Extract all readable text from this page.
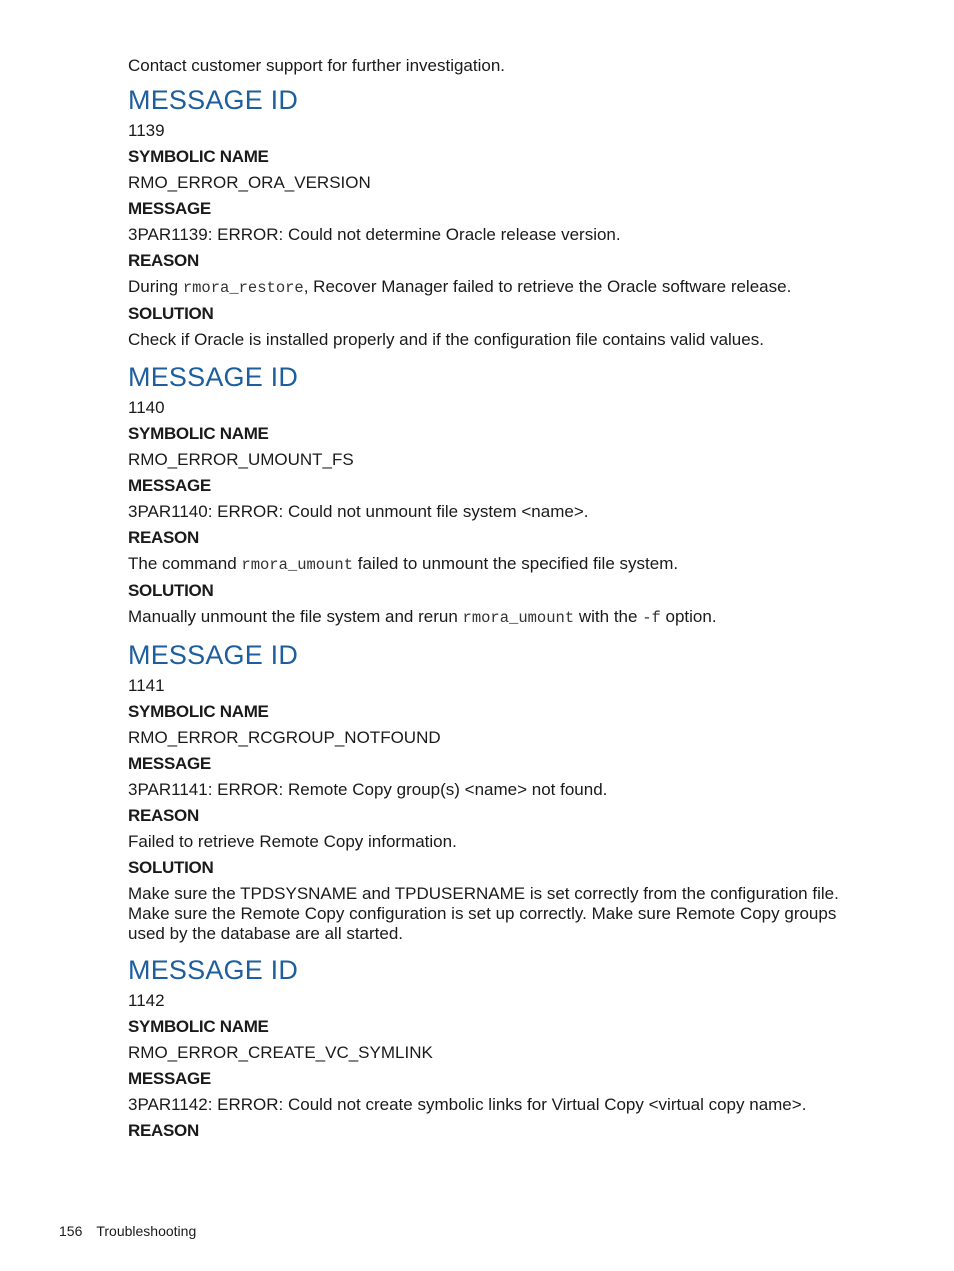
Contact customer support for further investigation.
MESSAGE ID
1139
SYMBOLIC NAME
RMO_ERROR_ORA_VERSION
MESSAGE
3PAR1139: ERROR: Could not determine Oracle release version.
REASON
During rmora_restore, Recover Manager failed to retrieve the Oracle software release.
SOLUTION
Check if Oracle is installed properly and if the configuration file contains valid values.
MESSAGE ID
1140
SYMBOLIC NAME
RMO_ERROR_UMOUNT_FS
MESSAGE
3PAR1140: ERROR: Could not unmount file system <name>.
REASON
The command rmora_umount failed to unmount the specified file system.
SOLUTION
Manually unmount the file system and rerun rmora_umount with the -f option.
MESSAGE ID
1141
SYMBOLIC NAME
RMO_ERROR_RCGROUP_NOTFOUND
MESSAGE
3PAR1141: ERROR: Remote Copy group(s) <name> not found.
REASON
Failed to retrieve Remote Copy information.
SOLUTION
Make sure the TPDSYSNAME and TPDUSERNAME is set correctly from the configuration file. Make sure the Remote Copy configuration is set up correctly. Make sure Remote Copy groups used by the database are all started.
MESSAGE ID
1142
SYMBOLIC NAME
RMO_ERROR_CREATE_VC_SYMLINK
MESSAGE
3PAR1142: ERROR: Could not create symbolic links for Virtual Copy <virtual copy name>.
REASON
156 Troubleshooting
